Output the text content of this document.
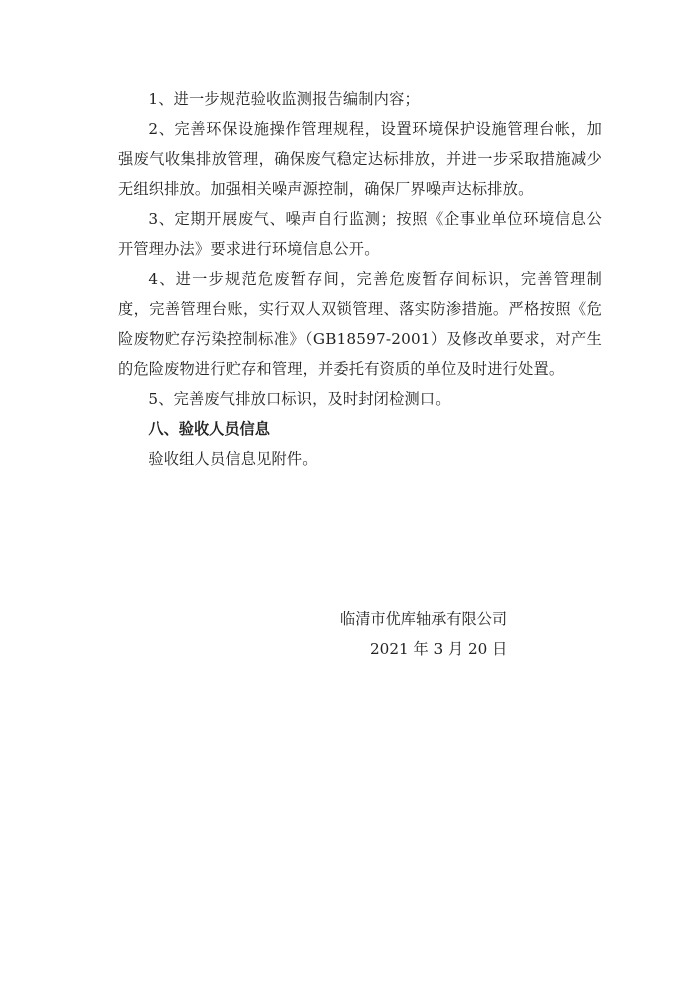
1、进一步规范验收监测报告编制内容；

2、完善环保设施操作管理规程，设置环境保护设施管理台帐，加强废气收集排放管理，确保废气稳定达标排放，并进一步采取措施减少无组织排放。加强相关噪声源控制，确保厂界噪声达标排放。

3、定期开展废气、噪声自行监测；按照《企事业单位环境信息公开管理办法》要求进行环境信息公开。

4、进一步规范危废暂存间，完善危废暂存间标识，完善管理制度，完善管理台账，实行双人双锁管理、落实防渗措施。严格按照《危险废物贮存污染控制标准》（GB18597-2001）及修改单要求，对产生的危险废物进行贮存和管理，并委托有资质的单位及时进行处置。

5、完善废气排放口标识，及时封闭检测口。

八、验收人员信息

验收组人员信息见附件。

临清市优库轴承有限公司

2021 年 3 月 20 日
